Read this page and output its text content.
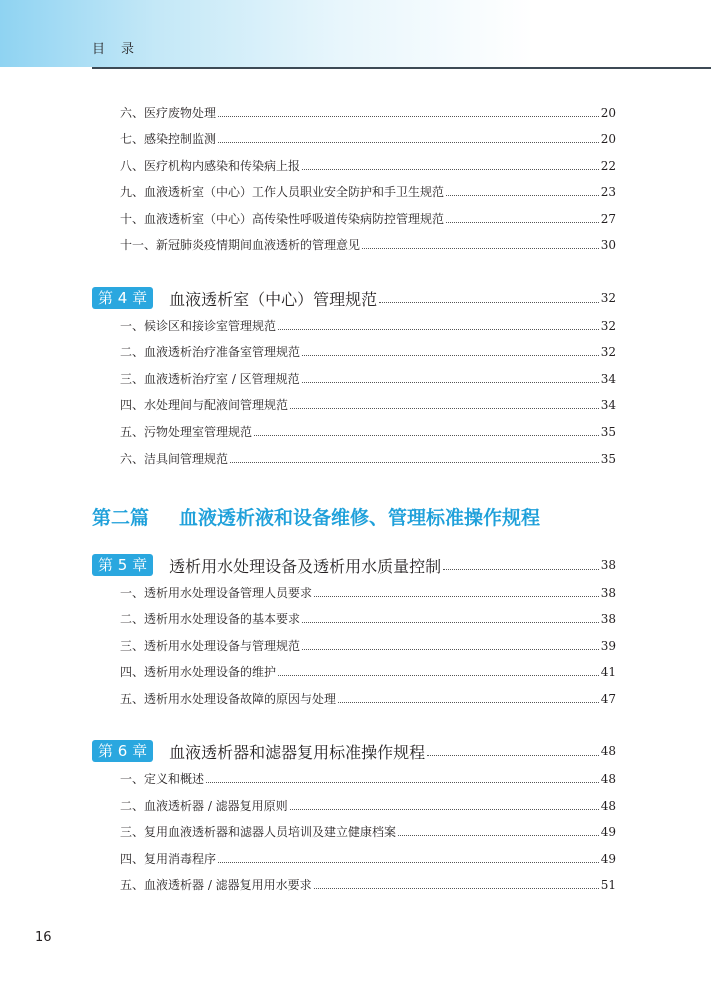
目录
六、医疗废物处理	20
七、感染控制监测	20
八、医疗机构内感染和传染病上报	22
九、血液透析室（中心）工作人员职业安全防护和手卫生规范	23
十、血液透析室（中心）高传染性呼吸道传染病防控管理规范	27
十一、新冠肺炎疫情期间血液透析的管理意见	30
第 4 章	血液透析室（中心）管理规范	32
一、候诊区和接诊室管理规范	32
二、血液透析治疗准备室管理规范	32
三、血液透析治疗室 / 区管理规范	34
四、水处理间与配液间管理规范	34
五、污物处理室管理规范	35
六、洁具间管理规范	35
第二篇 血液透析液和设备维修、管理标准操作规程
第 5 章	透析用水处理设备及透析用水质量控制	38
一、透析用水处理设备管理人员要求	38
二、透析用水处理设备的基本要求	38
三、透析用水处理设备与管理规范	39
四、透析用水处理设备的维护	41
五、透析用水处理设备故障的原因与处理	47
第 6 章	血液透析器和滤器复用标准操作规程	48
一、定义和概述	48
二、血液透析器 / 滤器复用原则	48
三、复用血液透析器和滤器人员培训及建立健康档案	49
四、复用消毒程序	49
五、血液透析器 / 滤器复用用水要求	51
16
